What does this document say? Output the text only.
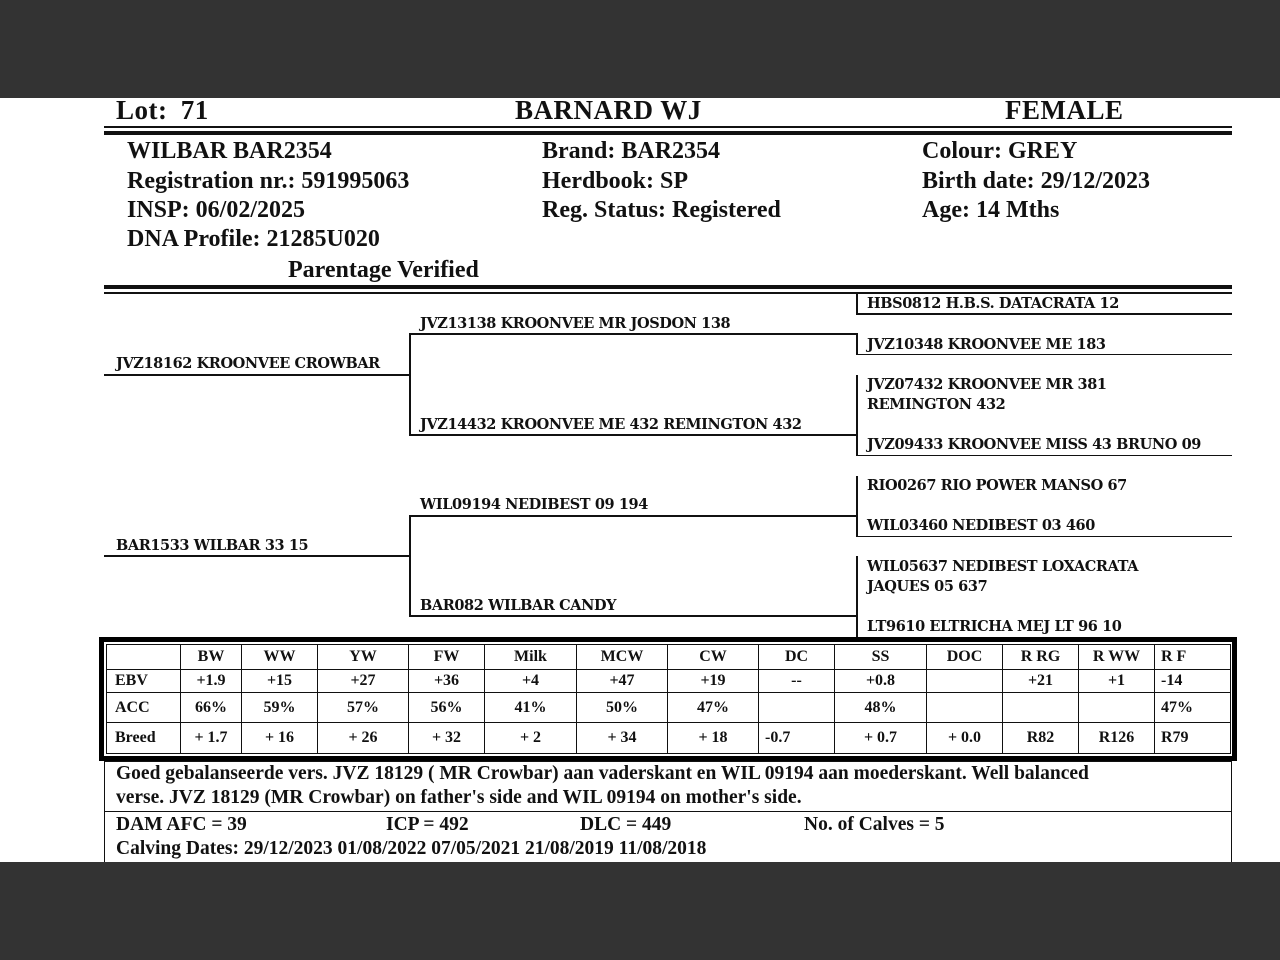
Lot: 71	BARNARD WJ	FEMALE
WILBAR BAR2354
Registration nr.: 591995063
INSP: 06/02/2025
DNA Profile: 21285U020
Parentage Verified
Brand: BAR2354
Herdbook: SP
Reg. Status: Registered
Colour: GREY
Birth date: 29/12/2023
Age: 14 Mths
JVZ18162 KROONVEE CROWBAR
BAR1533 WILBAR 33 15
JVZ13138 KROONVEE MR JOSDON 138
JVZ14432 KROONVEE ME 432 REMINGTON 432
WIL09194 NEDIBEST 09 194
BAR082 WILBAR CANDY
HBS0812 H.B.S. DATACRATA 12
JVZ10348 KROONVEE ME 183
JVZ07432 KROONVEE MR 381
REMINGTON 432
JVZ09433 KROONVEE MISS 43 BRUNO 09
RIO0267 RIO POWER MANSO 67
WIL03460 NEDIBEST 03 460
WIL05637 NEDIBEST LOXACRATA
JAQUES 05 637
LT9610 ELTRICHA MEJ LT 96 10
	BW	WW	YW	FW	Milk	MCW	CW	DC	SS	DOC	R RG	R WW	R F
EBV	+1.9	+15	+27	+36	+4	+47	+19	--	+0.8		+21	+1	-14
ACC	66%	59%	57%	56%	41%	50%	47%		48%				47%
Breed	+ 1.7	+ 16	+ 26	+ 32	+ 2	+ 34	+ 18	-0.7	+ 0.7	+ 0.0	R82	R126	R79
Goed gebalanseerde vers. JVZ 18129 ( MR Crowbar) aan vaderskant en WIL 09194 aan moederskant. Well balanced
verse. JVZ 18129 (MR Crowbar) on father's side and WIL 09194 on mother's side.
DAM AFC = 39	ICP = 492	DLC = 449	No. of Calves = 5
Calving Dates: 29/12/2023 01/08/2022 07/05/2021 21/08/2019 11/08/2018
